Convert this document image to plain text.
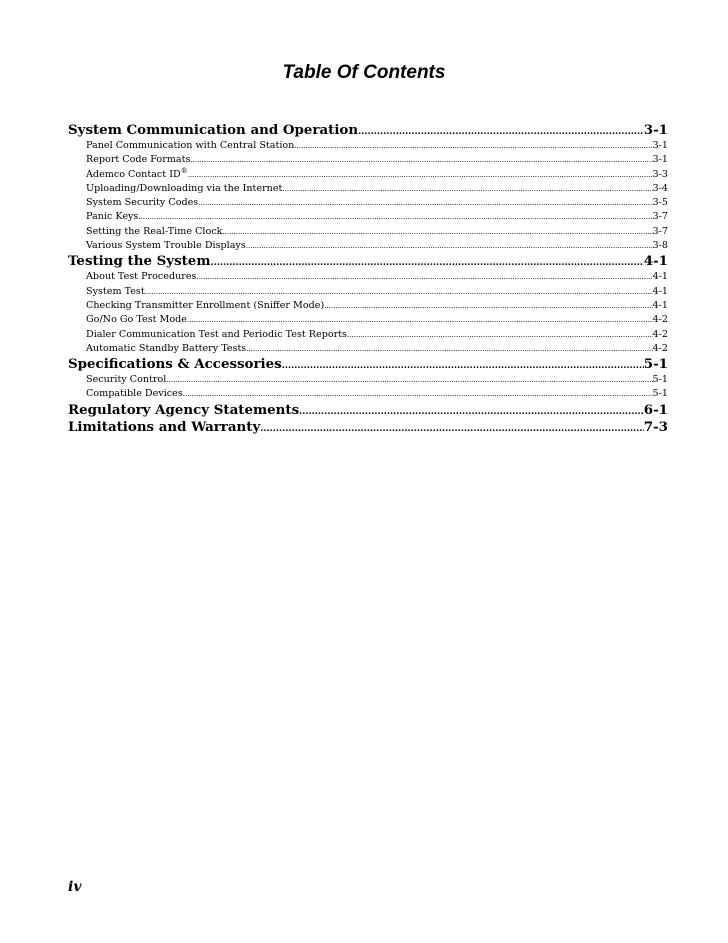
Table Of Contents
System Communication and Operation .....	3-1
Panel Communication with Central Station .....	3-1
Report Code Formats .....	3-1
Ademco Contact ID® .....	3-3
Uploading/Downloading via the Internet .....	3-4
System Security Codes .....	3-5
Panic Keys .....	3-7
Setting the Real-Time Clock .....	3-7
Various System Trouble Displays .....	3-8
Testing the System .....	4-1
About Test Procedures .....	4-1
System Test .....	4-1
Checking Transmitter Enrollment (Sniffer Mode) .....	4-1
Go/No Go Test Mode .....	4-2
Dialer Communication Test and Periodic Test Reports .....	4-2
Automatic Standby Battery Tests .....	4-2
Specifications & Accessories .....	5-1
Security Control .....	5-1
Compatible Devices .....	5-1
Regulatory Agency Statements .....	6-1
Limitations and Warranty .....	7-3
iv
